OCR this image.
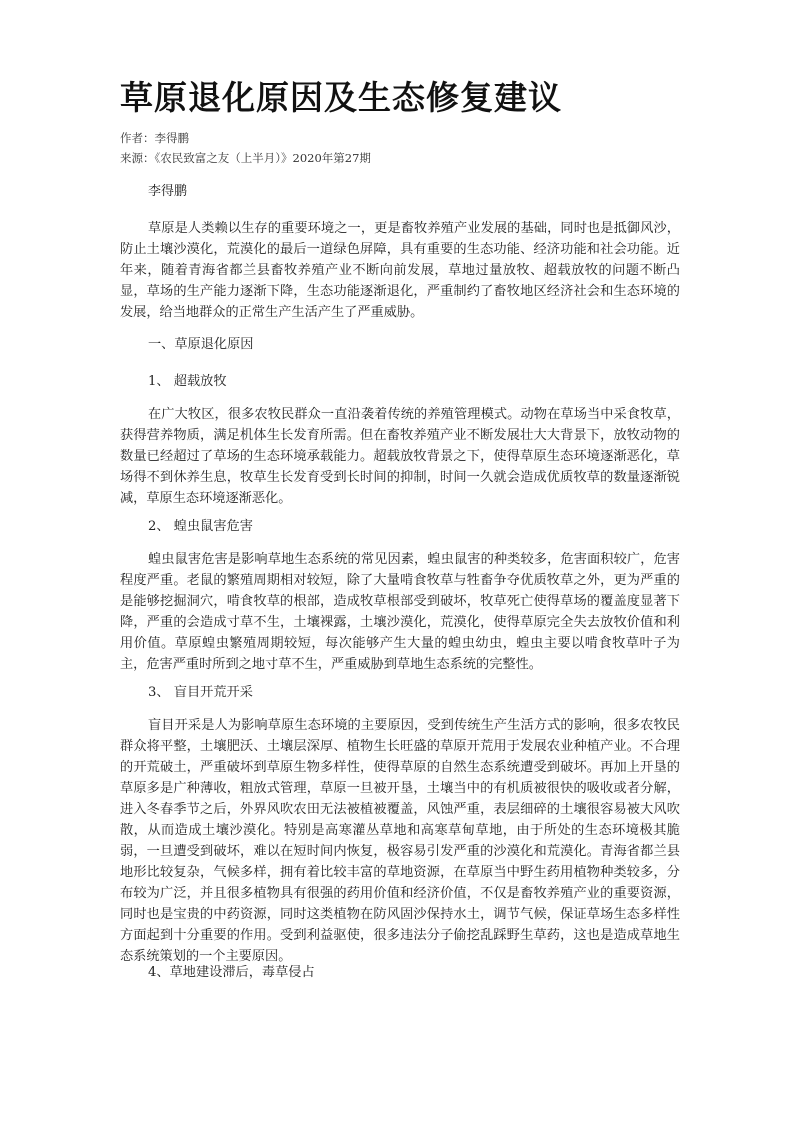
草原退化原因及生态修复建议
作者：李得鹏
来源：《农民致富之友（上半月）》2020年第27期
李得鹏

草原是人类赖以生存的重要环境之一，更是畜牧养殖产业发展的基础，同时也是抵御风沙，防止土壤沙漠化，荒漠化的最后一道绿色屏障，具有重要的生态功能、经济功能和社会功能。近年来，随着青海省都兰县畜牧养殖产业不断向前发展，草地过量放牧、超载放牧的问题不断凸显，草场的生产能力逐渐下降，生态功能逐渐退化，严重制约了畜牧地区经济社会和生态环境的发展，给当地群众的正常生产生活产生了严重威胁。

一、草原退化原因
1、 超载放牧

在广大牧区，很多农牧民群众一直沿袭着传统的养殖管理模式。动物在草场当中采食牧草，获得营养物质，满足机体生长发育所需。但在畜牧养殖产业不断发展壮大大背景下，放牧动物的数量已经超过了草场的生态环境承载能力。超载放牧背景之下，使得草原生态环境逐渐恶化，草场得不到休养生息，牧草生长发育受到长时间的抑制，时间一久就会造成优质牧草的数量逐渐锐减，草原生态环境逐渐恶化。

2、 蝗虫鼠害危害

蝗虫鼠害危害是影响草地生态系统的常见因素，蝗虫鼠害的种类较多，危害面积较广，危害程度严重。老鼠的繁殖周期相对较短，除了大量啃食牧草与牲畜争夺优质牧草之外，更为严重的是能够挖掘洞穴，啃食牧草的根部，造成牧草根部受到破坏，牧草死亡使得草场的覆盖度显著下降，严重的会造成寸草不生，土壤裸露，土壤沙漠化，荒漠化，使得草原完全失去放牧价值和利用价值。草原蝗虫繁殖周期较短，每次能够产生大量的蝗虫幼虫，蝗虫主要以啃食牧草叶子为主，危害严重时所到之地寸草不生，严重威胁到草地生态系统的完整性。

3、 盲目开荒开采

盲目开采是人为影响草原生态环境的主要原因，受到传统生产生活方式的影响，很多农牧民群众将平整，土壤肥沃、土壤层深厚、植物生长旺盛的草原开荒用于发展农业种植产业。不合理的开荒破土，严重破坏到草原生物多样性，使得草原的自然生态系统遭受到破坏。再加上开垦的草原多是广种薄收，粗放式管理，草原一旦被开垦，土壤当中的有机质被很快的吸收或者分解，进入冬春季节之后，外界风吹农田无法被植被覆盖，风蚀严重，表层细碎的土壤很容易被大风吹散，从而造成土壤沙漠化。特别是高寒灌丛草地和高寒草甸草地，由于所处的生态环境极其脆弱，一旦遭受到破坏，难以在短时间内恢复，极容易引发严重的沙漠化和荒漠化。青海省都兰县地形比较复杂，气候多样，拥有着比较丰富的草地资源，在草原当中野生药用植物种类较多，分布较为广泛，并且很多植物具有很强的药用价值和经济价值，不仅是畜牧养殖产业的重要资源，同时也是宝贵的中药资源，同时这类植物在防风固沙保持水土，调节气候，保证草场生态多样性方面起到十分重要的作用。受到利益驱使，很多违法分子偷挖乱踩野生草药，这也是造成草地生态系统策划的一个主要原因。

4、草地建设滞后，毒草侵占
